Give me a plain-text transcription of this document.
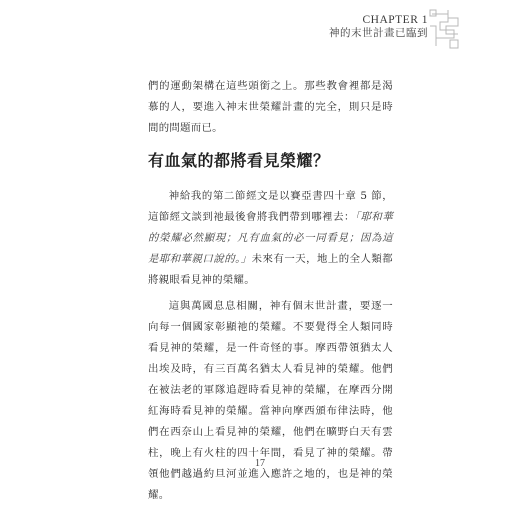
CHAPTER 1
神的末世計畫已臨到

們的運動架構在這些頭銜之上。那些教會裡都是渴慕的人，要進入神末世榮耀計畫的完全，則只是時間的問題而已。

有血氣的都將看見榮耀？

神給我的第二節經文是以賽亞書四十章 5 節，這節經文談到祂最後會將我們帶到哪裡去：「耶和華的榮耀必然顯現；凡有血氣的必一同看見；因為這是耶和華親口說的。」未來有一天，地上的全人類都將親眼看見神的榮耀。

這與萬國息息相關，神有個末世計畫，要逐一向每一個國家彰顯祂的榮耀。不要覺得全人類同時看見神的榮耀，是一件奇怪的事。摩西帶領猶太人出埃及時，有三百萬名猶太人看見神的榮耀。他們在被法老的軍隊追趕時看見神的榮耀，在摩西分開紅海時看見神的榮耀。當神向摩西頒布律法時，他們在西奈山上看見神的榮耀，他們在曠野白天有雲柱，晚上有火柱的四十年間，看見了神的榮耀。帶領他們越過約旦河並進入應許之地的，也是神的榮耀。

17
